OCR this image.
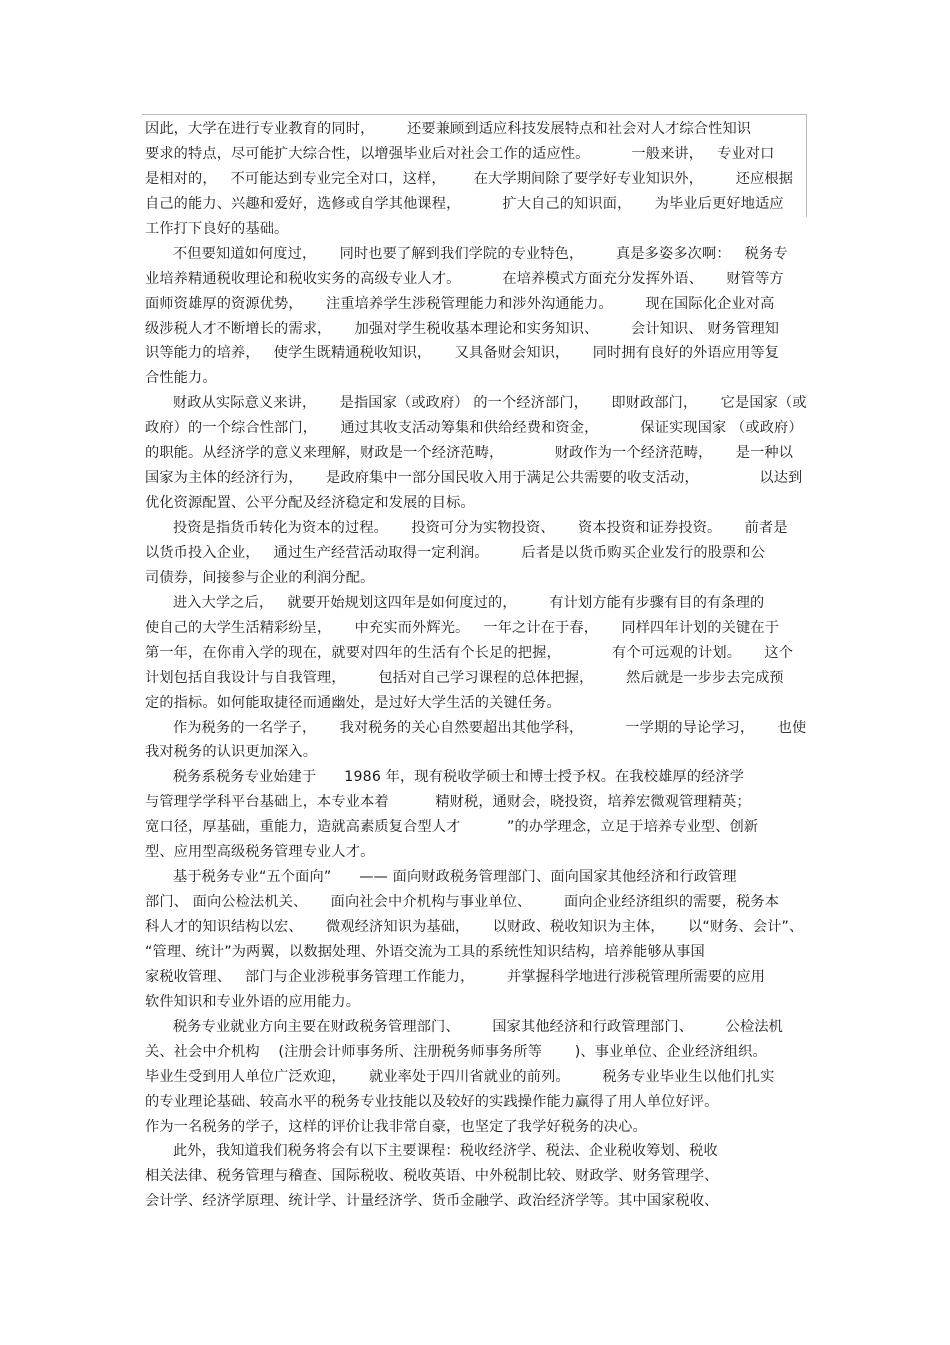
因此，大学在进行专业教育的同时，       还要兼顾到适应科技发展特点和社会对人才综合性知识
要求的特点，尽可能扩大综合性，以增强毕业后对社会工作的适应性。         一般来讲，   专业对口
是相对的，   不可能达到专业完全对口，这样，      在大学期间除了要学好专业知识外，       还应根据
自己的能力、兴趣和爱好，选修或自学其他课程，         扩大自己的知识面，     为毕业后更好地适应
工作打下良好的基础。
不但要知道如何度过，     同时也要了解到我们学院的专业特色，       真是多姿多次啊：   税务专
业培养精通税收理论和税收实务的高级专业人才。         在培养模式方面充分发挥外语、     财管等方
面师资雄厚的资源优势，     注重培养学生涉税管理能力和涉外沟通能力。       现在国际化企业对高
级涉税人才不断增长的需求，     加强对学生税收基本理论和实务知识、       会计知识、 财务管理知
识等能力的培养，   使学生既精通税收知识，     又具备财会知识，     同时拥有良好的外语应用等复
合性能力。
财政从实际意义来讲，     是指国家（或政府） 的一个经济部门，     即财政部门，     它是国家（或
政府）的一个综合性部门，     通过其收支活动筹集和供给经费和资金，         保证实现国家 （或政府）
的职能。从经济学的意义来理解，财政是一个经济范畴，           财政作为一个经济范畴，     是一种以
国家为主体的经济行为，     是政府集中一部分国民收入用于满足公共需要的收支活动，             以达到
优化资源配置、公平分配及经济稳定和发展的目标。
投资是指货币转化为资本的过程。     投资可分为实物投资、     资本投资和证券投资。     前者是
以货币投入企业，   通过生产经营活动取得一定利润。       后者是以货币购买企业发行的股票和公
司债券，间接参与企业的利润分配。
进入大学之后，   就要开始规划这四年是如何度过的，       有计划方能有步骤有目的有条理的
使自己的大学生活精彩纷呈，     中充实而外辉光。   一年之计在于春，     同样四年计划的关键在于
第一年，在你甫入学的现在，就要对四年的生活有个长足的把握，           有个可远观的计划。     这个
计划包括自我设计与自我管理，       包括对自己学习课程的总体把握，       然后就是一步步去完成预
定的指标。如何能取捷径而通幽处，是过好大学生活的关键任务。
作为税务的一名学子，     我对税务的关心自然要超出其他学科，         一学期的导论学习，     也使
我对税务的认识更加深入。
税务系税务专业始建于      1986 年，现有税收学硕士和博士授予权。在我校雄厚的经济学
与管理学学科平台基础上，本专业本着          精财税，通财会，晓投资，培养宏微观管理精英；
宽口径，厚基础，重能力，造就高素质复合型人才          ”的办学理念，立足于培养专业型、创新
型、应用型高级税务管理专业人才。
基于税务专业“五个面向”      —— 面向财政税务管理部门、面向国家其他经济和行政管理
部门、 面向公检法机关、     面向社会中介机构与事业单位、       面向企业经济组织的需要，税务本
科人才的知识结构以宏、     微观经济知识为基础，     以财政、税收知识为主体，     以“财务、会计”、
“管理、统计”为两翼，以数据处理、外语交流为工具的系统性知识结构，培养能够从事国
家税收管理、   部门与企业涉税事务管理工作能力，       并掌握科学地进行涉税管理所需要的应用
软件知识和专业外语的应用能力。
税务专业就业方向主要在财政税务管理部门、       国家其他经济和行政管理部门、       公检法机
关、社会中介机构    (注册会计师事务所、注册税务师事务所等       )、事业单位、企业经济组织。
毕业生受到用人单位广泛欢迎，     就业率处于四川省就业的前列。       税务专业毕业生以他们扎实
的专业理论基础、较高水平的税务专业技能以及较好的实践操作能力赢得了用人单位好评。
作为一名税务的学子，这样的评价让我非常自豪，也坚定了我学好税务的决心。
此外，我知道我们税务将会有以下主要课程：税收经济学、税法、企业税收筹划、税收
相关法律、税务管理与稽查、国际税收、税收英语、中外税制比较、财政学、财务管理学、
会计学、经济学原理、统计学、计量经济学、货币金融学、政治经济学等。其中国家税收、
